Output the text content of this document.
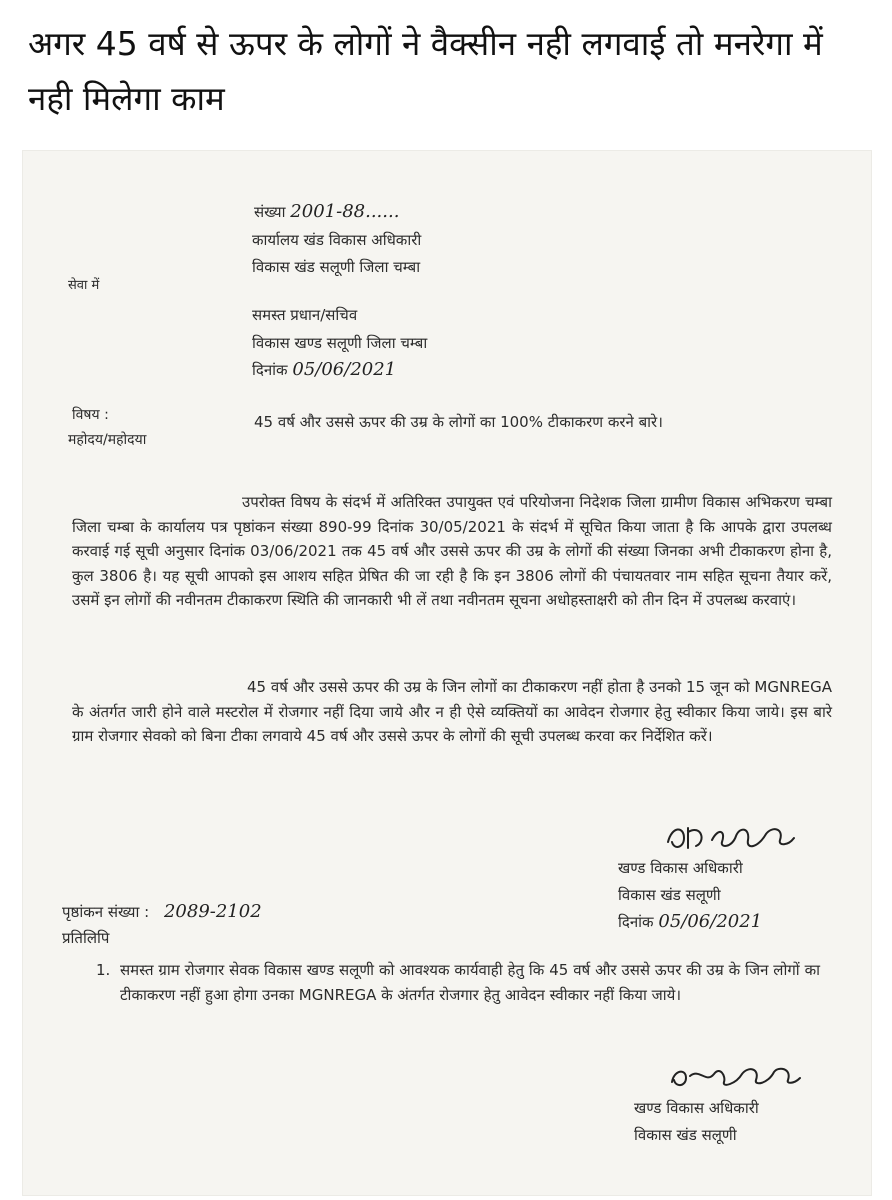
अगर 45 वर्ष से ऊपर के लोगों ने वैक्सीन नही लगवाई तो मनरेगा में नही मिलेगा काम
संख्या 2001-88......
कार्यालय खंड विकास अधिकारी
विकास खंड सलूणी जिला चम्बा
सेवा में
समस्त प्रधान/सचिव
विकास खण्ड सलूणी जिला चम्बा
दिनांक 05/06/2021
विषय :	45 वर्ष और उससे ऊपर की उम्र के लोगों का 100% टीकाकरण करने बारे।
महोदय/महोदया
उपरोक्त विषय के संदर्भ में अतिरिक्त उपायुक्त एवं परियोजना निदेशक जिला ग्रामीण विकास अभिकरण चम्बा जिला चम्बा के कार्यालय पत्र पृष्ठांकन संख्या 890-99 दिनांक 30/05/2021 के संदर्भ में सूचित किया जाता है कि आपके द्वारा उपलब्ध करवाई गई सूची अनुसार दिनांक 03/06/2021 तक 45 वर्ष और उससे ऊपर की उम्र के लोगों की संख्या जिनका अभी टीकाकरण होना है, कुल 3806 है। यह सूची आपको इस आशय सहित प्रेषित की जा रही है कि इन 3806 लोगों की पंचायतवार नाम सहित सूचना तैयार करें, उसमें इन लोगों की नवीनतम टीकाकरण स्थिति की जानकारी भी लें तथा नवीनतम सूचना अधोहस्ताक्षरी को तीन दिन में उपलब्ध करवाएं।
45 वर्ष और उससे ऊपर की उम्र के जिन लोगों का टीकाकरण नहीं होता है उनको 15 जून को MGNREGA के अंतर्गत जारी होने वाले मस्टरोल में रोजगार नहीं दिया जाये और न ही ऐसे व्यक्तियों का आवेदन रोजगार हेतु स्वीकार किया जाये। इस बारे ग्राम रोजगार सेवको को बिना टीका लगवाये 45 वर्ष और उससे ऊपर के लोगों की सूची उपलब्ध करवा कर निर्देशित करें।
खण्ड विकास अधिकारी
विकास खंड सलूणी
दिनांक 05/06/2021
पृष्ठांकन संख्या : 2089-2102
प्रतिलिपि
1. समस्त ग्राम रोजगार सेवक विकास खण्ड सलूणी को आवश्यक कार्यवाही हेतु कि 45 वर्ष और उससे ऊपर की उम्र के जिन लोगों का टीकाकरण नहीं हुआ होगा उनका MGNREGA के अंतर्गत रोजगार हेतु आवेदन स्वीकार नहीं किया जाये।
खण्ड विकास अधिकारी
विकास खंड सलूणी
